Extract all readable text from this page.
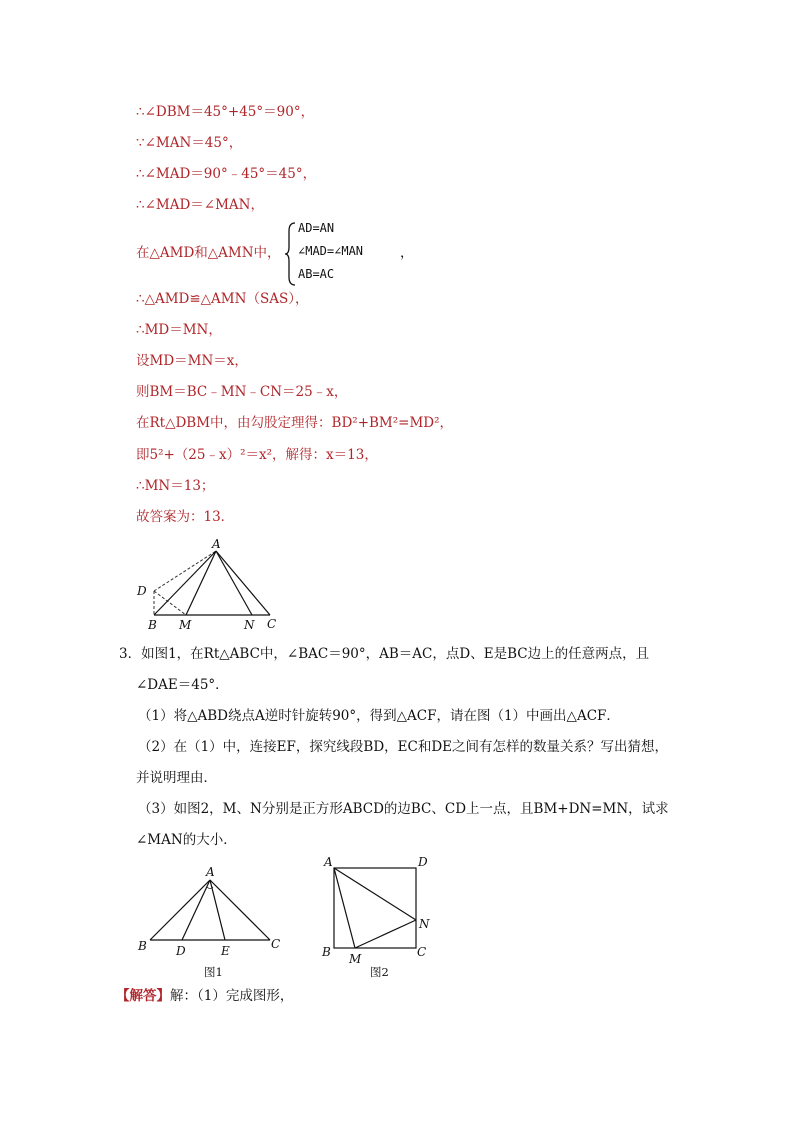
∴∠DBM＝45°+45°＝90°，
∵∠MAN＝45°，
∴∠MAD＝90°﹣45°＝45°，
∴∠MAD＝∠MAN，
在△AMD和△AMN中，
AD=AN
∠MAD=∠MAN
AB=AC
，
∴△AMD≌△AMN（SAS），
∴MD＝MN，
设MD＝MN＝x，
则BM＝BC﹣MN﹣CN＝25﹣x，
在Rt△DBM中，由勾股定理得：BD²+BM²=MD²，
即5²+（25﹣x）²＝x²，解得：x＝13，
∴MN＝13；
故答案为：13．
A
D
B M	N C
3．如图1，在Rt△ABC中，∠BAC＝90°，AB＝AC，点D、E是BC边上的任意两点，且
∠DAE＝45°．
（1）将△ABD绕点A逆时针旋转90°，得到△ACF，请在图（1）中画出△ACF．
（2）在（1）中，连接EF，探究线段BD，EC和DE之间有怎样的数量关系？写出猜想，
并说明理由．
（3）如图2，M、N分别是正方形ABCD的边BC、CD上一点，且BM+DN=MN，试求
∠MAN的大小．
A
B D	E	C
图1
A	D
N
B M	C
图2
【解答】解：（1）完成图形，
